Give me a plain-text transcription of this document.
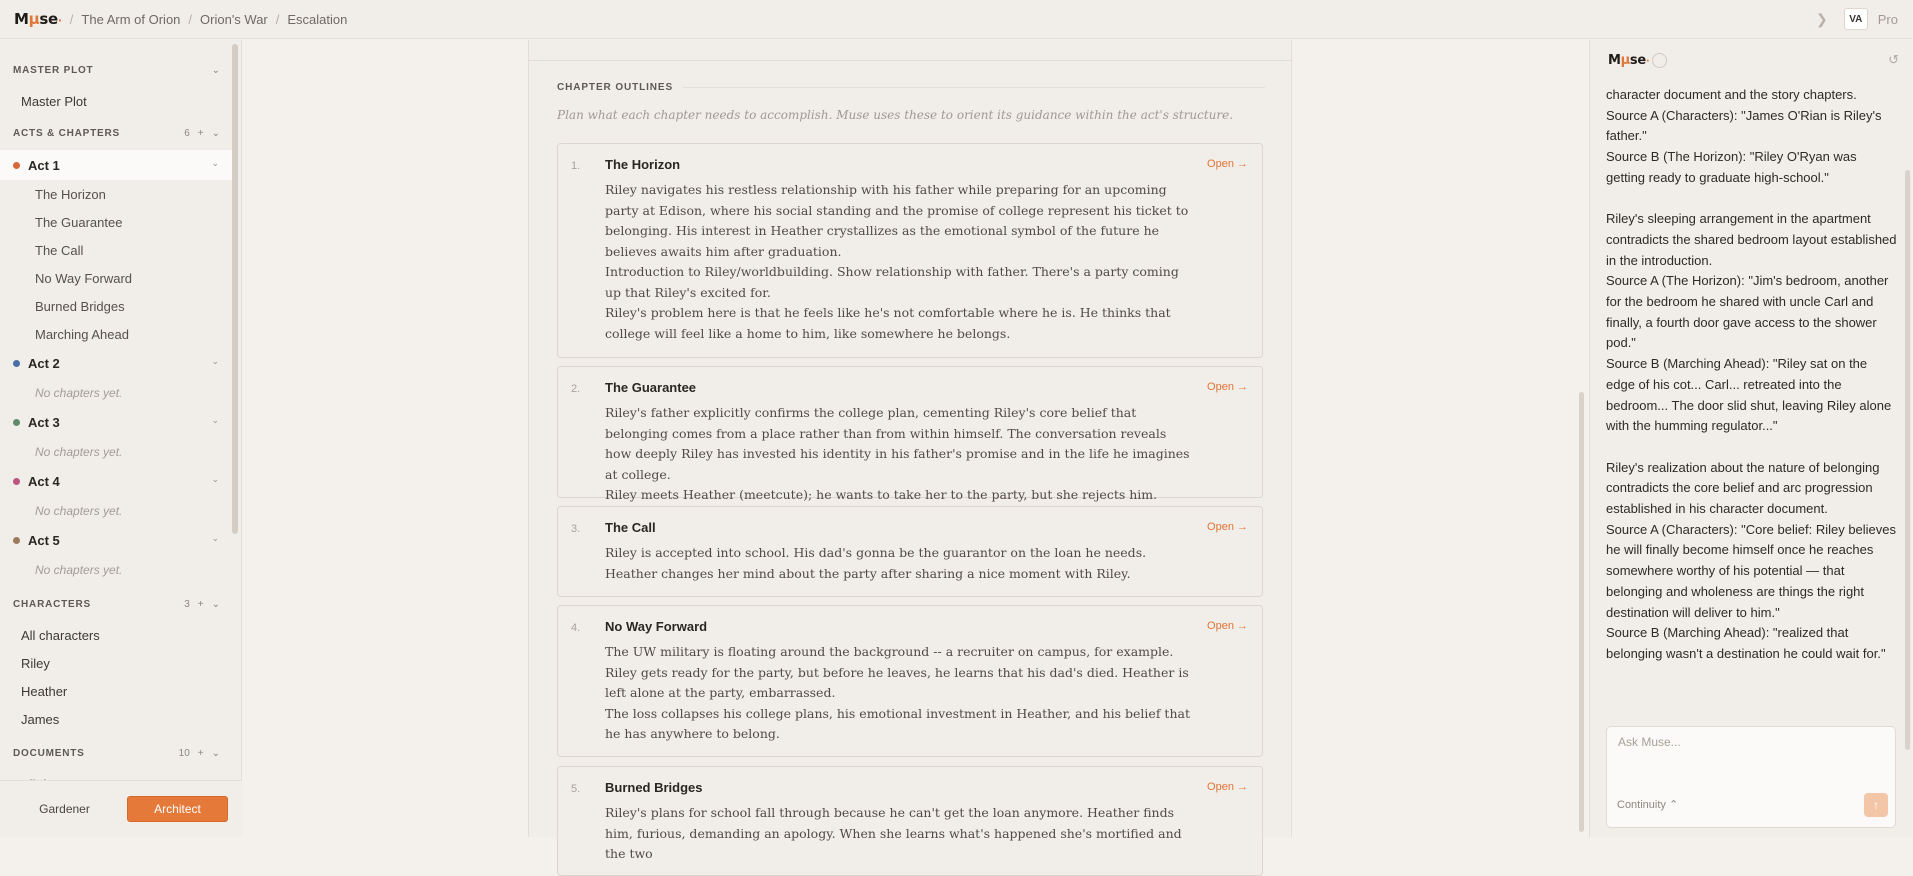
Mμse· / The Arm of Orion / Orion's War / Escalation	❯	VA	Pro
MASTER PLOT	⌄
Master Plot
ACTS & CHAPTERS	6 + ⌄
Act 1	⌄
The Horizon
The Guarantee
The Call
No Way Forward
Burned Bridges
Marching Ahead
Act 2	⌄
No chapters yet.
Act 3	⌄
No chapters yet.
Act 4	⌄
No chapters yet.
Act 5	⌄
No chapters yet.
CHARACTERS	3 + ⌄
All characters
Riley
Heather
James
DOCUMENTS	10 + ⌄
Gardener	Architect
CHAPTER OUTLINES
Plan what each chapter needs to accomplish. Muse uses these to orient its guidance within the act's structure.
1. The Horizon	Open →

Riley navigates his restless relationship with his father while preparing for an upcoming party at Edison, where his social standing and the promise of college represent his ticket to belonging. His interest in Heather crystallizes as the emotional symbol of the future he believes awaits him after graduation.

Introduction to Riley/worldbuilding. Show relationship with father. There's a party coming up that Riley's excited for.

Riley's problem here is that he feels like he's not comfortable where he is. He thinks that college will feel like a home to him, like somewhere he belongs.

2. The Guarantee	Open →

Riley's father explicitly confirms the college plan, cementing Riley's core belief that belonging comes from a place rather than from within himself. The conversation reveals how deeply Riley has invested his identity in his father's promise and in the life he imagines at college.

Riley meets Heather (meetcute); he wants to take her to the party, but she rejects him.

3. The Call	Open →

Riley is accepted into school. His dad's gonna be the guarantor on the loan he needs. Heather changes her mind about the party after sharing a nice moment with Riley.

4. No Way Forward	Open →

The UW military is floating around the background -- a recruiter on campus, for example. Riley gets ready for the party, but before he leaves, he learns that his dad's died. Heather is left alone at the party, embarrassed.

The loss collapses his college plans, his emotional investment in Heather, and his belief that he has anywhere to belong.

5. Burned Bridges	Open →

Riley's plans for school fall through because he can't get the loan anymore. Heather finds him, furious, demanding an apology. When she learns what's happened she's mortified and the two

Mμse·	↺

character document and the story chapters.

Source A (Characters): "James O'Rian is Riley's father."

Source B (The Horizon): "Riley O'Ryan was getting ready to graduate high-school."

Riley's sleeping arrangement in the apartment contradicts the shared bedroom layout established in the introduction.

Source A (The Horizon): "Jim's bedroom, another for the bedroom he shared with uncle Carl and finally, a fourth door gave access to the shower pod."

Source B (Marching Ahead): "Riley sat on the edge of his cot... Carl... retreated into the bedroom... The door slid shut, leaving Riley alone with the humming regulator..."

Riley's realization about the nature of belonging contradicts the core belief and arc progression established in his character document.

Source A (Characters): "Core belief: Riley believes he will finally become himself once he reaches somewhere worthy of his potential — that belonging and wholeness are things the right destination will deliver to him."

Source B (Marching Ahead): "realized that belonging wasn't a destination he could wait for."

Ask Muse...
Continuity ⌃	↑
